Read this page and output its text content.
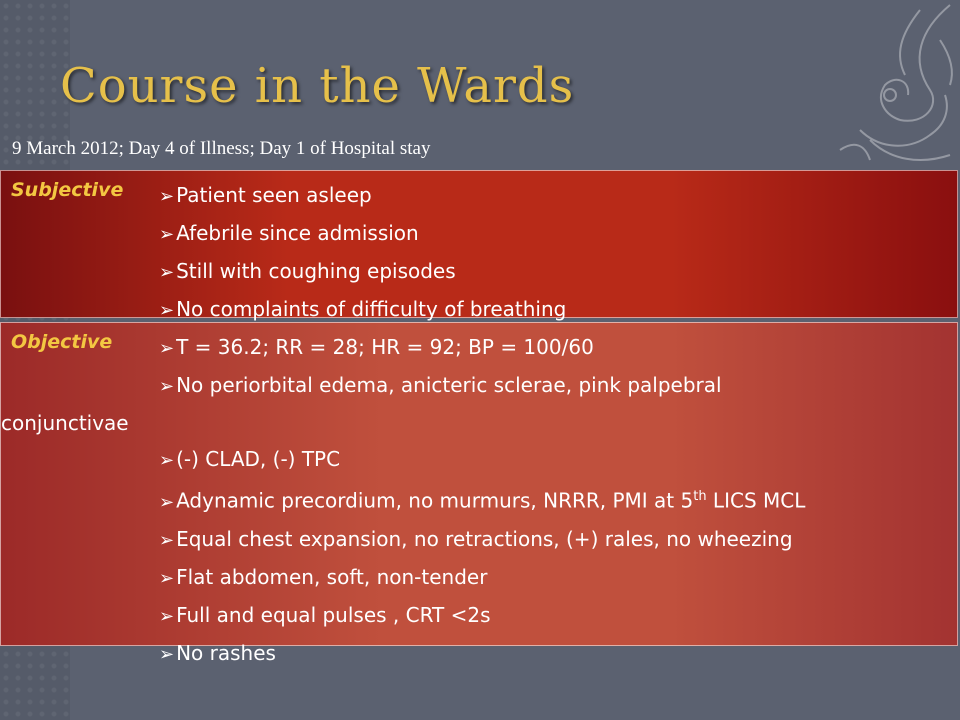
Course in the Wards
9 March 2012; Day 4 of Illness; Day 1 of Hospital stay
Subjective ➢ Patient seen asleep
➢ Afebrile since admission
➢ Still with coughing episodes
➢ No complaints of difficulty of breathing
Objective	➢ T = 36.2; RR = 28; HR = 92; BP = 100/60
➢ No periorbital edema, anicteric sclerae, pink palpebral
conjunctivae
➢ (-) CLAD, (-) TPC
➢ Adynamic precordium, no murmurs, NRRR, PMI at 5th LICS MCL
➢ Equal chest expansion, no retractions, (+) rales, no wheezing
➢ Flat abdomen, soft, non-tender
➢ Full and equal pulses , CRT <2s
➢ No rashes
